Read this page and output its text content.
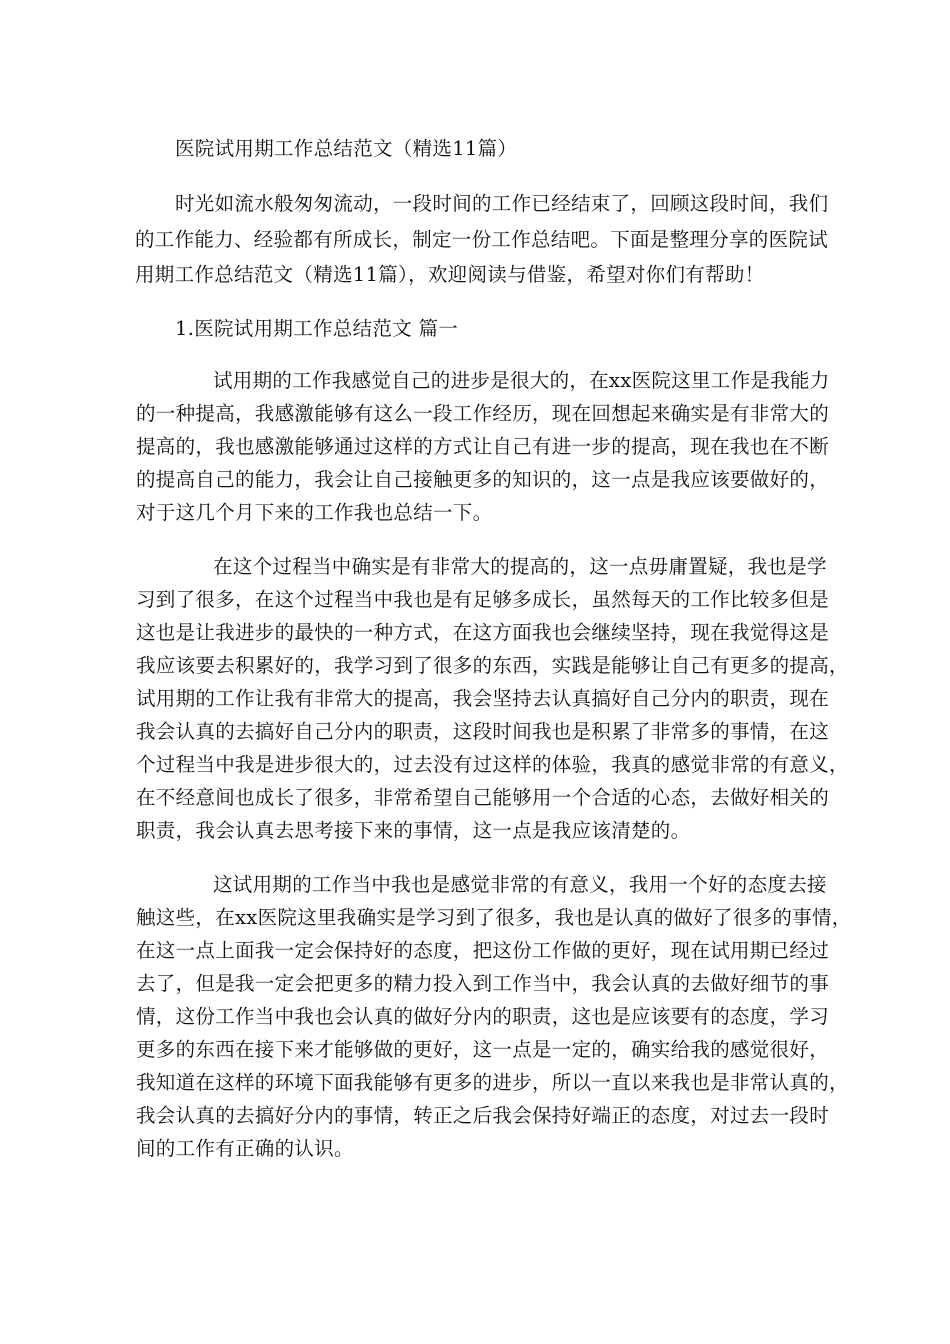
医院试用期工作总结范文（精选11篇）
时光如流水般匆匆流动，一段时间的工作已经结束了，回顾这段时间，我们
的工作能力、经验都有所成长，制定一份工作总结吧。下面是整理分享的医院试
用期工作总结范文（精选11篇），欢迎阅读与借鉴，希望对你们有帮助！
1.医院试用期工作总结范文 篇一
试用期的工作我感觉自己的进步是很大的，在xx医院这里工作是我能力
的一种提高，我感激能够有这么一段工作经历，现在回想起来确实是有非常大的
提高的，我也感激能够通过这样的方式让自己有进一步的提高，现在我也在不断
的提高自己的能力，我会让自己接触更多的知识的，这一点是我应该要做好的，
对于这几个月下来的工作我也总结一下。
在这个过程当中确实是有非常大的提高的，这一点毋庸置疑，我也是学
习到了很多，在这个过程当中我也是有足够多成长，虽然每天的工作比较多但是
这也是让我进步的最快的一种方式，在这方面我也会继续坚持，现在我觉得这是
我应该要去积累好的，我学习到了很多的东西，实践是能够让自己有更多的提高，
试用期的工作让我有非常大的提高，我会坚持去认真搞好自己分内的职责，现在
我会认真的去搞好自己分内的职责，这段时间我也是积累了非常多的事情，在这
个过程当中我是进步很大的，过去没有过这样的体验，我真的感觉非常的有意义，
在不经意间也成长了很多，非常希望自己能够用一个合适的心态，去做好相关的
职责，我会认真去思考接下来的事情，这一点是我应该清楚的。
这试用期的工作当中我也是感觉非常的有意义，我用一个好的态度去接
触这些，在xx医院这里我确实是学习到了很多，我也是认真的做好了很多的事情，
在这一点上面我一定会保持好的态度，把这份工作做的更好，现在试用期已经过
去了，但是我一定会把更多的精力投入到工作当中，我会认真的去做好细节的事
情，这份工作当中我也会认真的做好分内的职责，这也是应该要有的态度，学习
更多的东西在接下来才能够做的更好，这一点是一定的，确实给我的感觉很好，
我知道在这样的环境下面我能够有更多的进步，所以一直以来我也是非常认真的，
我会认真的去搞好分内的事情，转正之后我会保持好端正的态度，对过去一段时
间的工作有正确的认识。
